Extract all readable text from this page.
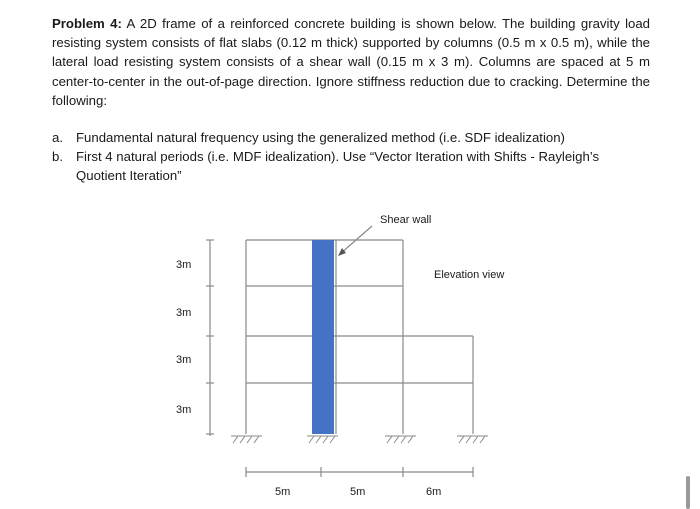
Problem 4: A 2D frame of a reinforced concrete building is shown below. The building gravity load resisting system consists of flat slabs (0.12 m thick) supported by columns (0.5 m x 0.5 m), while the lateral load resisting system consists of a shear wall (0.15 m x 3 m). Columns are spaced at 5 m center-to-center in the out-of-page direction. Ignore stiffness reduction due to cracking. Determine the following:
a. Fundamental natural frequency using the generalized method (i.e. SDF idealization)
b. First 4 natural periods (i.e. MDF idealization). Use “Vector Iteration with Shifts - Rayleigh’s Quotient Iteration”
Shear wall
Elevation view
3m
3m
3m
3m
5m	5m	6m
